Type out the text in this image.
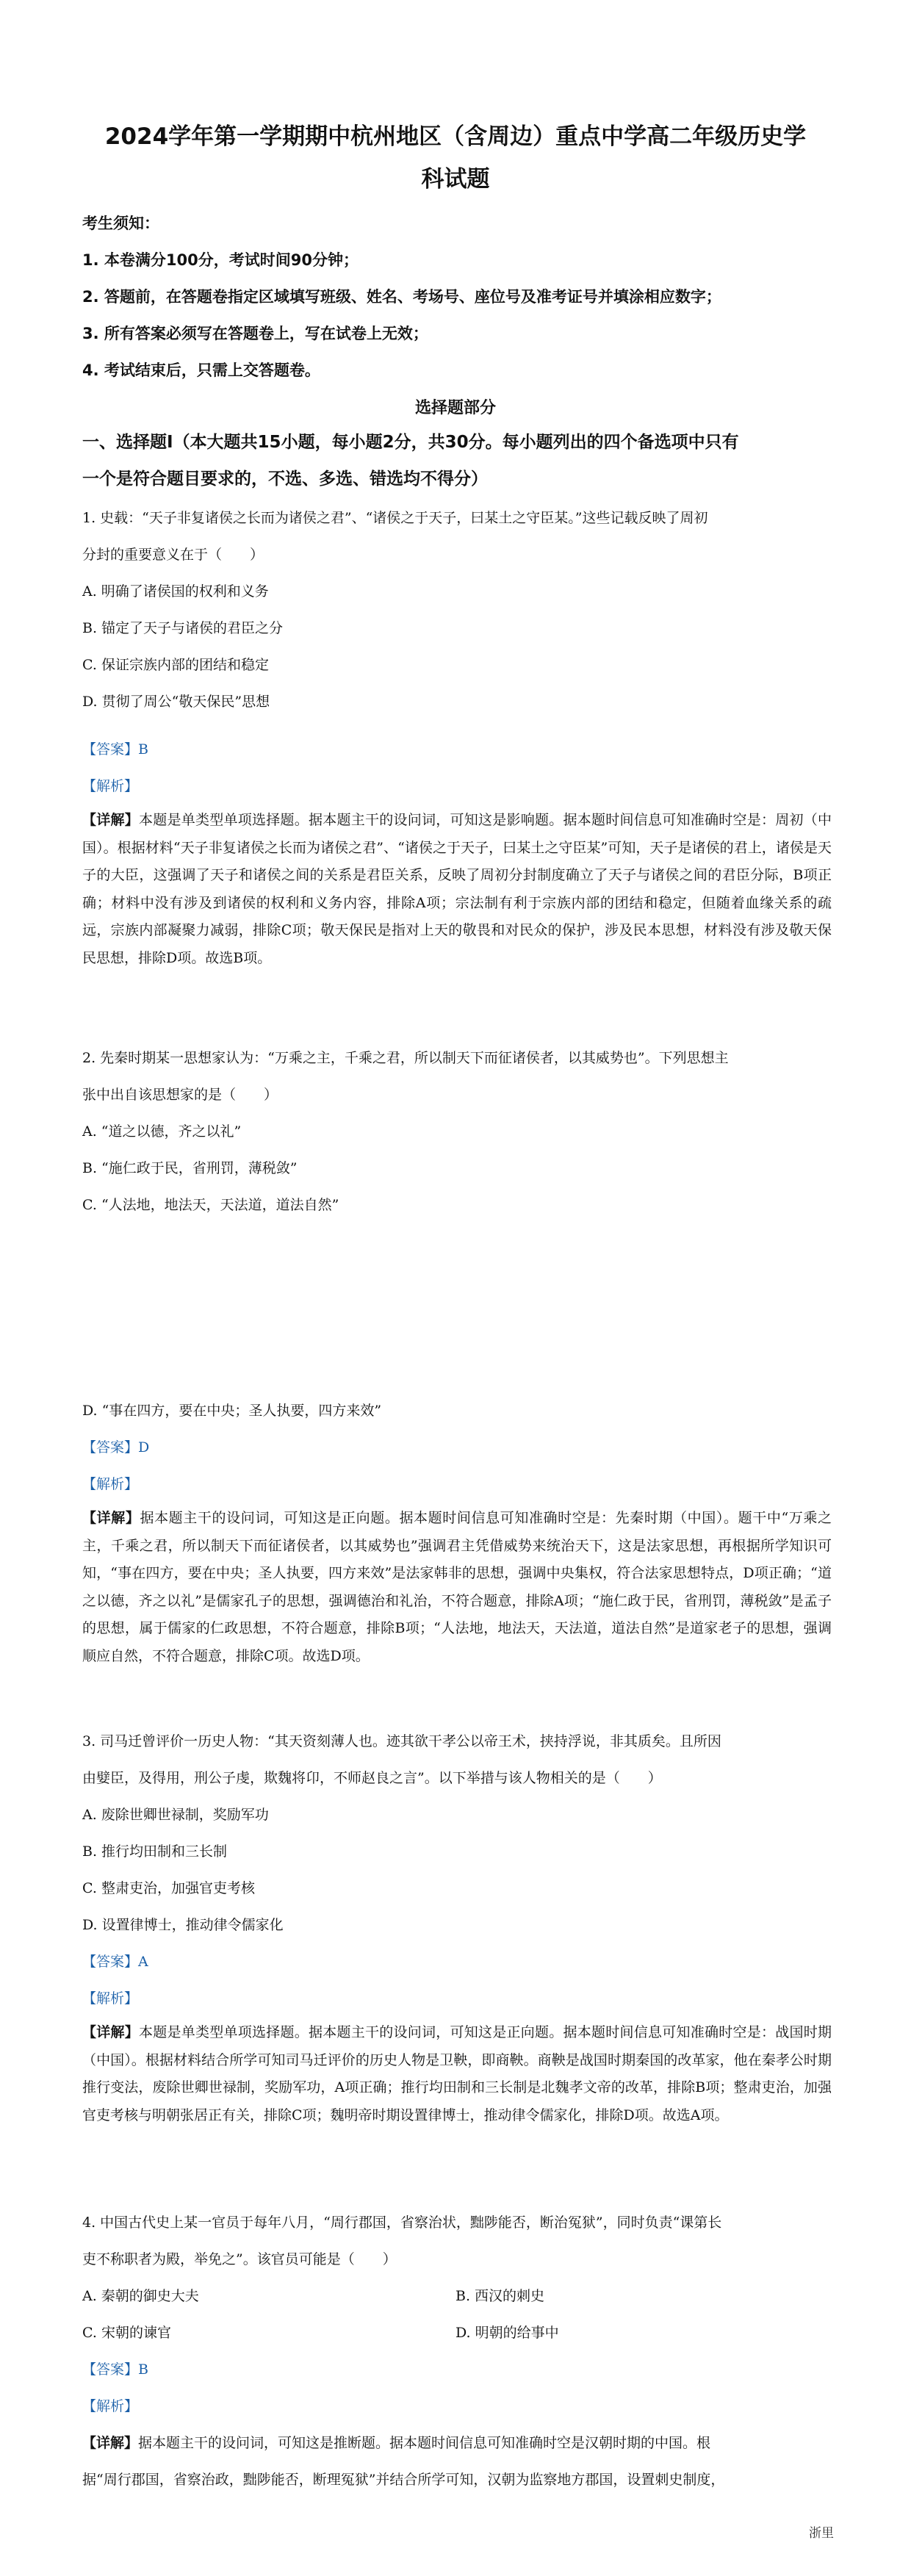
2024学年第一学期期中杭州地区（含周边）重点中学高二年级历史学
科试题
考生须知：
1. 本卷满分100分，考试时间90分钟；
2. 答题前，在答题卷指定区域填写班级、姓名、考场号、座位号及准考证号并填涂相应数字；
3. 所有答案必须写在答题卷上，写在试卷上无效；
4. 考试结束后，只需上交答题卷。
选择题部分
一、选择题Ⅰ（本大题共15小题，每小题2分，共30分。每小题列出的四个备选项中只有
一个是符合题目要求的，不选、多选、错选均不得分）
1. 史载：“天子非复诸侯之长而为诸侯之君”、“诸侯之于天子，曰某土之守臣某。”这些记载反映了周初
分封的重要意义在于（　　）
A. 明确了诸侯国的权利和义务
B. 锚定了天子与诸侯的君臣之分
C. 保证宗族内部的团结和稳定
D. 贯彻了周公“敬天保民”思想
【答案】B
【解析】
【详解】本题是单类型单项选择题。据本题主干的设问词，可知这是影响题。据本题时间信息可知准确时空是：周初（中国）。根据材料“天子非复诸侯之长而为诸侯之君”、“诸侯之于天子，曰某土之守臣某”可知，天子是诸侯的君上，诸侯是天子的大臣，这强调了天子和诸侯之间的关系是君臣关系，反映了周初分封制度确立了天子与诸侯之间的君臣分际，B项正确；材料中没有涉及到诸侯的权利和义务内容，排除A项；宗法制有利于宗族内部的团结和稳定，但随着血缘关系的疏远，宗族内部凝聚力减弱，排除C项；敬天保民是指对上天的敬畏和对民众的保护，涉及民本思想，材料没有涉及敬天保民思想，排除D项。故选B项。
2. 先秦时期某一思想家认为：“万乘之主，千乘之君，所以制天下而征诸侯者，以其威势也”。下列思想主
张中出自该思想家的是（　　）
A. “道之以德，齐之以礼”
B. “施仁政于民，省刑罚，薄税敛”
C. “人法地，地法天，天法道，道法自然”
D. “事在四方，要在中央；圣人执要，四方来效”
【答案】D
【解析】
【详解】据本题主干的设问词，可知这是正向题。据本题时间信息可知准确时空是：先秦时期（中国）。题干中“万乘之主，千乘之君，所以制天下而征诸侯者，以其威势也”强调君主凭借威势来统治天下，这是法家思想，再根据所学知识可知，“事在四方，要在中央；圣人执要，四方来效”是法家韩非的思想，强调中央集权，符合法家思想特点，D项正确；“道之以德，齐之以礼”是儒家孔子的思想，强调德治和礼治，不符合题意，排除A项；“施仁政于民，省刑罚，薄税敛”是孟子的思想，属于儒家的仁政思想，不符合题意，排除B项；“人法地，地法天，天法道，道法自然”是道家老子的思想，强调顺应自然，不符合题意，排除C项。故选D项。
3. 司马迁曾评价一历史人物：“其天资刻薄人也。迹其欲干孝公以帝王术，挟持浮说，非其质矣。且所因
由嬖臣，及得用，刑公子虔，欺魏将卬，不师赵良之言”。以下举措与该人物相关的是（　　）
A. 废除世卿世禄制，奖励军功
B. 推行均田制和三长制
C. 整肃吏治，加强官吏考核
D. 设置律博士，推动律令儒家化
【答案】A
【解析】
【详解】本题是单类型单项选择题。据本题主干的设问词，可知这是正向题。据本题时间信息可知准确时空是：战国时期（中国）。根据材料结合所学可知司马迁评价的历史人物是卫鞅，即商鞅。商鞅是战国时期秦国的改革家，他在秦孝公时期推行变法，废除世卿世禄制，奖励军功，A项正确；推行均田制和三长制是北魏孝文帝的改革，排除B项；整肃吏治，加强官吏考核与明朝张居正有关，排除C项；魏明帝时期设置律博士，推动律令儒家化，排除D项。故选A项。
4. 中国古代史上某一官员于每年八月，“周行郡国，省察治状，黜陟能否，断治冤狱”，同时负责“课第长
吏不称职者为殿，举免之”。该官员可能是（　　）
A. 秦朝的御史大夫	B. 西汉的刺史
C. 宋朝的谏官	D. 明朝的给事中
【答案】B
【解析】
【详解】据本题主干的设问词，可知这是推断题。据本题时间信息可知准确时空是汉朝时期的中国。根
据“周行郡国，省察治政，黜陟能否，断理冤狱”并结合所学可知，汉朝为监察地方郡国，设置刺史制度，
浙里
